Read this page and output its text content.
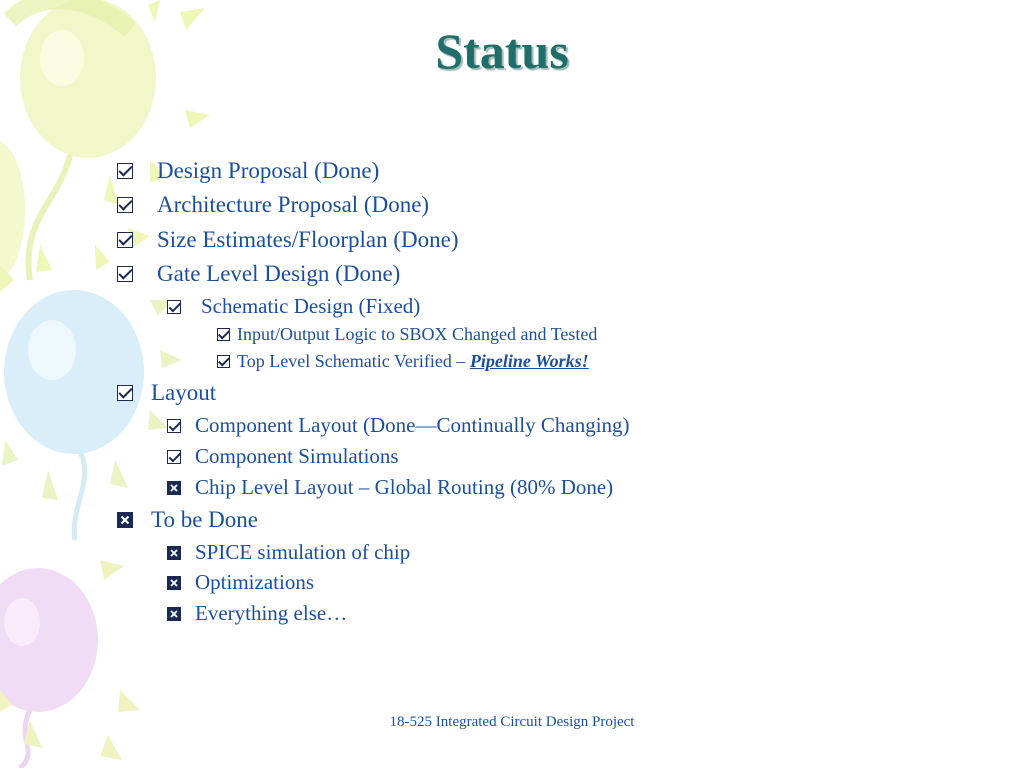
Status
Design Proposal (Done)
Architecture Proposal (Done)
Size Estimates/Floorplan (Done)
Gate Level Design (Done)
Schematic Design (Fixed)
Input/Output Logic to SBOX Changed and Tested
Top Level Schematic Verified – Pipeline Works!
Layout
Component Layout (Done—Continually Changing)
Component Simulations
Chip Level Layout – Global Routing (80% Done)
To be Done
SPICE simulation of chip
Optimizations
Everything else…
18-525 Integrated Circuit Design Project
